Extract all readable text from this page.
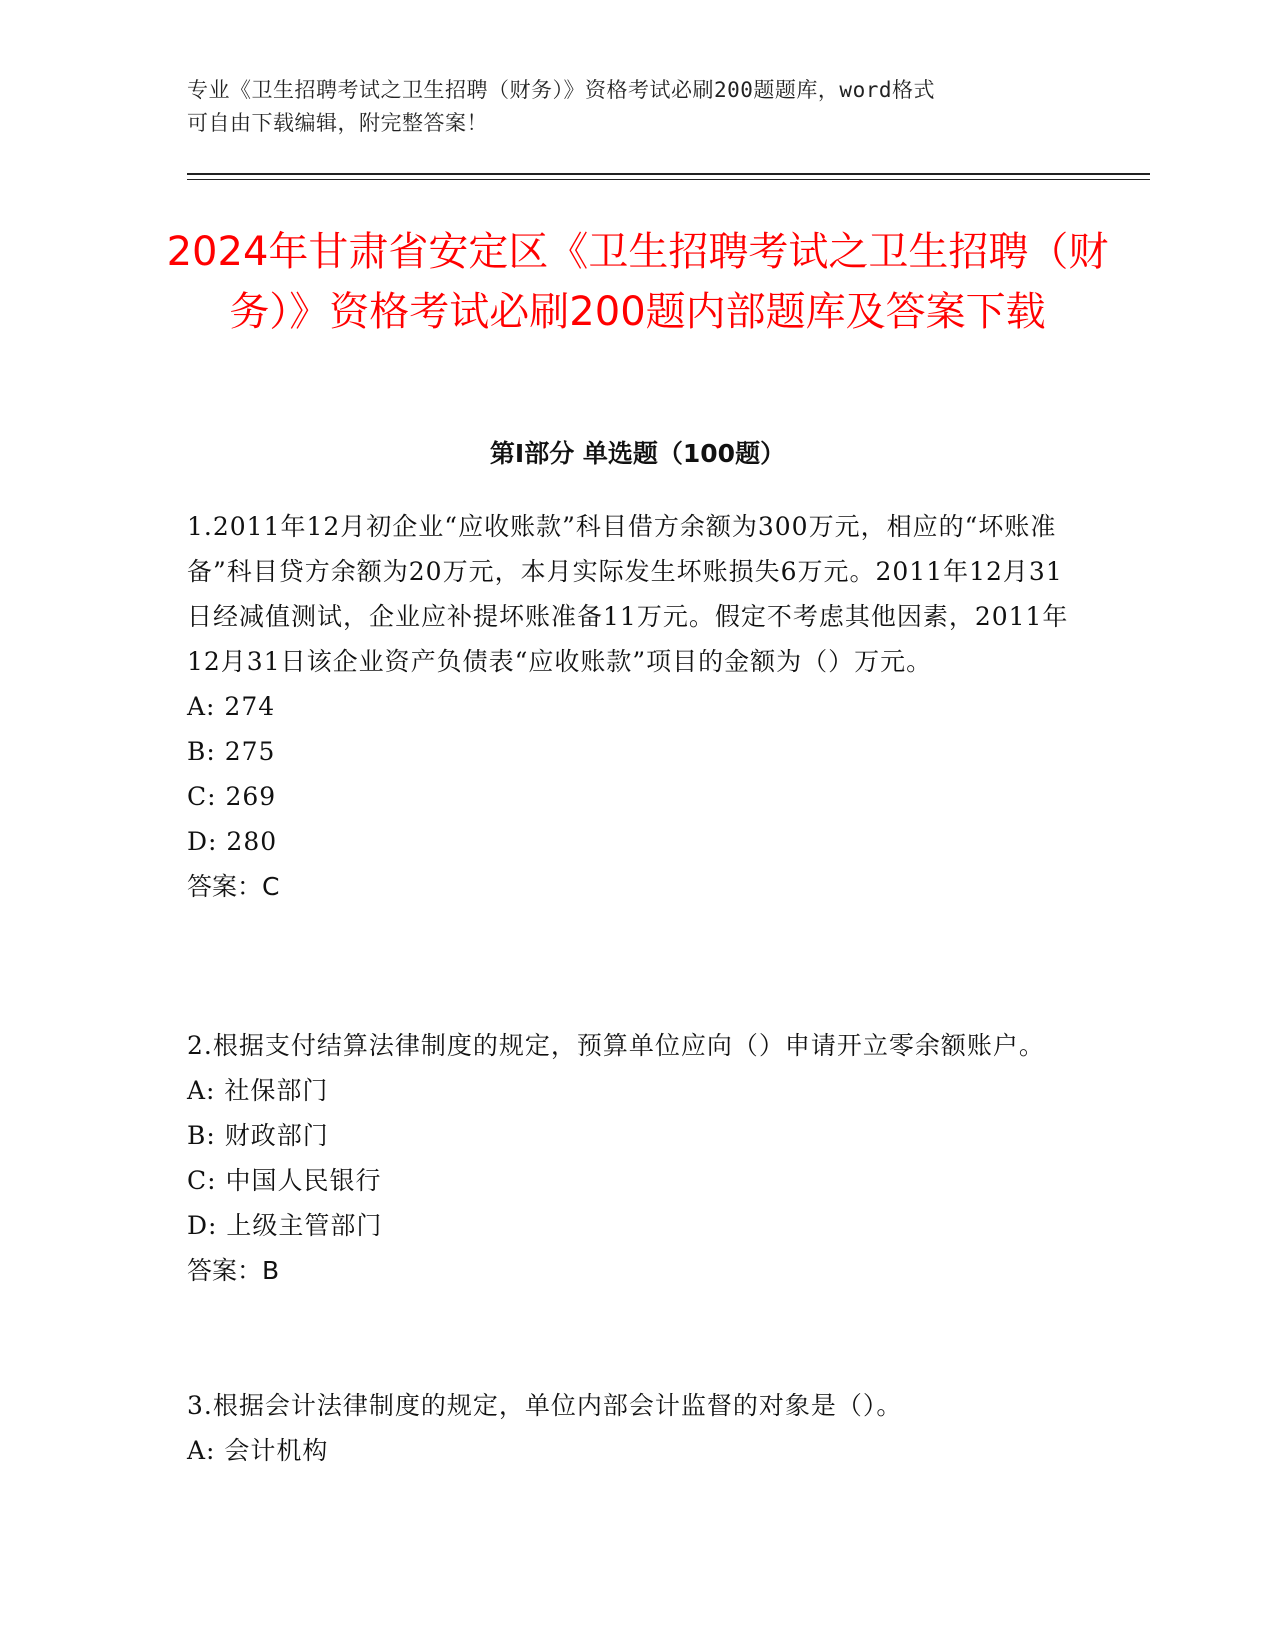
专业《卫生招聘考试之卫生招聘（财务）》资格考试必刷200题题库，word格式
可自由下载编辑，附完整答案！
2024年甘肃省安定区《卫生招聘考试之卫生招聘（财务）》资格考试必刷200题内部题库及答案下载
第Ⅰ部分 单选题（100题）

1.2011年12月初企业“应收账款”科目借方余额为300万元，相应的“坏账准备”科目贷方余额为20万元，本月实际发生坏账损失6万元。2011年12月31日经减值测试，企业应补提坏账准备11万元。假定不考虑其他因素，2011年12月31日该企业资产负债表“应收账款”项目的金额为（）万元。

A: 274

B: 275

C: 269

D: 280

答案：C

2.根据支付结算法律制度的规定，预算单位应向（）申请开立零余额账户。

A: 社保部门

B: 财政部门

C: 中国人民银行

D: 上级主管部门

答案：B

3.根据会计法律制度的规定，单位内部会计监督的对象是（）。

A: 会计机构
